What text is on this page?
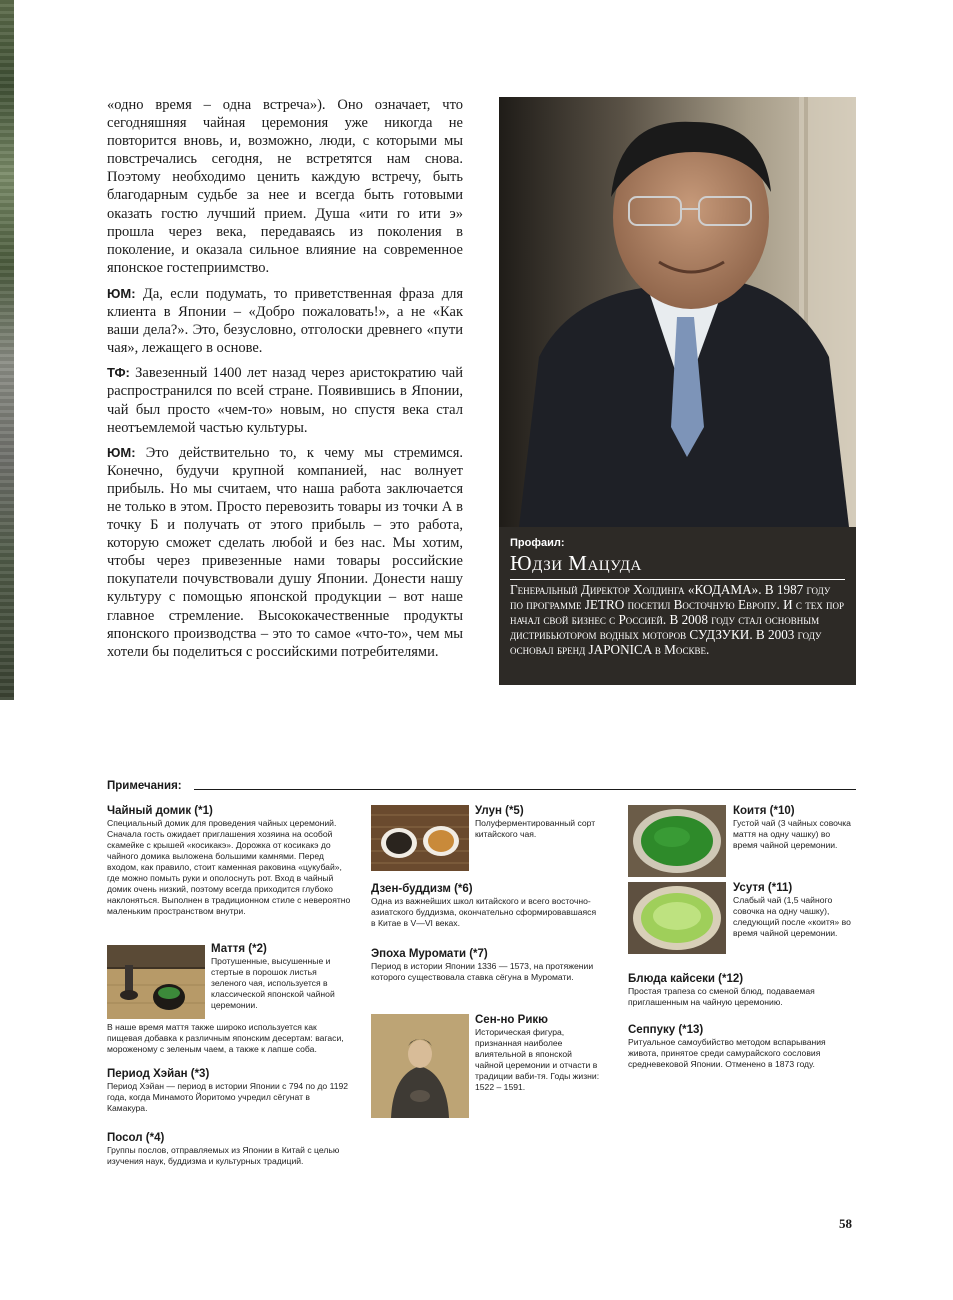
«одно время – одна встреча»). Оно означает, что сегодняшняя чайная церемония уже никогда не повторится вновь, и, возможно, люди, с которыми мы повстречались сегодня, не встретятся нам снова. Поэтому необходимо ценить каждую встречу, быть благодарным судьбе за нее и всегда быть готовыми оказать гостю лучший прием. Душа «ити го ити э» прошла через века, передаваясь из поколения в поколение, и оказала сильное влияние на современное японское гостеприимство.

ЮМ: Да, если подумать, то приветственная фраза для клиента в Японии – «Добро пожаловать!», а не «Как ваши дела?». Это, безусловно, отголоски древнего «пути чая», лежащего в основе.

ТФ: Завезенный 1400 лет назад через аристократию чай распространился по всей стране. Появившись в Японии, чай был просто «чем-то» новым, но спустя века стал неотъемлемой частью культуры.

ЮМ: Это действительно то, к чему мы стремимся. Конечно, будучи крупной компанией, нас волнует прибыль. Но мы считаем, что наша работа заключается не только в этом. Просто перевозить товары из точки А в точку Б и получать от этого прибыль – это работа, которую сможет сделать любой и без нас. Мы хотим, чтобы через привезенные нами товары российские покупатели почувствовали душу Японии. Донести нашу культуру с помощью японской продукции – вот наше главное стремление. Высококачественные продукты японского производства – это то самое «что-то», чем мы хотели бы поделиться с российскими потребителями.

Профаил:
Юдзи Мацуда
Генеральный Директор Холдинга «КОДАМА». В 1987 году по программе JETRO посетил Восточную Европу. И с тех пор начал свой бизнес с Россией. В 2008 году стал основным дистрибьютором водных моторов СУДЗУКИ. В 2003 году основал бренд JAPONICA в Москве.
Примечания:

Чайный домик (*1)

Специальный домик для проведения чайных церемоний. Сначала гость ожидает приглашения хозяина на особой скамейке с крышей «косикакэ». Дорожка от косикакэ до чайного домика выложена большими камнями. Перед входом, как правило, стоит каменная раковина «цукубай», где можно помыть руки и ополоснуть рот. Вход в чайный домик очень низкий, поэтому всегда приходится глубоко наклоняться. Выполнен в традиционном стиле с невероятно маленьким пространством внутри.

Маття (*2)

Протушенные, высушенные и стертые в порошок листья зеленого чая, используется в классической японской чайной церемонии.

В наше время маття также широко используется как пищевая добавка к различным японским десертам: вагаси, мороженому с зеленым чаем, а также к лапше соба.

Период Хэйан (*3)

Период Хэйан — период в истории Японии с 794 по до 1192 года, когда Минамото Йоритомо учредил сёгунат в Камакура.

Посол (*4)

Группы послов, отправляемых из Японии в Китай с целью изучения наук, буддизма и культурных традиций.

Улун (*5)

Полуферментированный сорт китайского чая.

Дзен-буддизм (*6)

Одна из важнейших школ китайского и всего восточно-азиатского буддизма, окончательно сформировавшаяся в Китае в V—VI веках.

Эпоха Муромати (*7)

Период в истории Японии 1336 — 1573, на протяжении которого существовала ставка сёгуна в Муромати.

Сен-но Рикю

Историческая фигура, признанная наиболее влиятельной в японской чайной церемонии и отчасти в традиции ваби-тя. Годы жизни: 1522 – 1591.

Коитя (*10)

Густой чай (3 чайных совочка маття на одну чашку) во время чайной церемонии.

Усутя (*11)

Слабый чай (1,5 чайного совочка на одну чашку), следующий после «коитя» во время чайной церемонии.

Блюда кайсеки (*12)

Простая трапеза со сменой блюд, подаваемая приглашенным на чайную церемонию.

Сеппуку (*13)

Ритуальное самоубийство методом вспарывания живота, принятое среди самурайского сословия средневековой Японии. Отменено в 1873 году.

58
